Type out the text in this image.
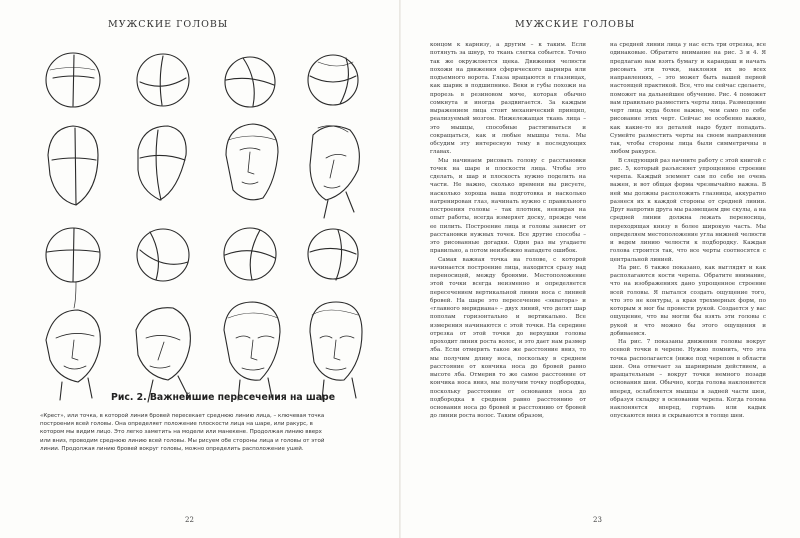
МУЖСКИЕ ГОЛОВЫ
Рис. 2. Важнейшие пересечения на шаре
«Крест», или точка, в которой линия бровей пересекает среднюю линию лица, – ключевая точка построения всей головы. Она определяет положение плоскости лица на шаре, или ракурс, в котором мы видим лицо. Это легко заметить на модели или манекене. Продолжая линию вверх или вниз, проводим среднюю линию всей головы. Мы рисуем обе стороны лица и головы от этой линии. Продолжая линию бровей вокруг головы, можно определить расположение ушей.
22
МУЖСКИЕ ГОЛОВЫ

концом к карнизу, а другим – к таким. Если потянуть за шнур, то ткань слегка собьется. Точно так же окружляется щека. Движения челюсти похожи на движения сферического шарнира или подъемного ворота. Глаза вращаются в глазницах, как шарик в подшипнике. Веки и губы похожи на прорезь в резиновом мяче, которая обычно сомкнута и иногда раздвигается. За каждым выражением лица стоит механический принцип, реализуемый мозгом. Нижележащая ткань лица – это мышцы, способные растягиваться и сокращаться, как и любые мышцы тела. Мы обсудим эту интересную тему в последующих главах.

Мы начинаем рисовать голову с расстановки точек на шаре и плоскости лица. Чтобы это сделать, и шар и плоскость нужно поделить на части. Не важно, сколько времени вы рисуете, насколько хороша ваша подготовка и насколько натренирован глаз, начинать нужно с правильного построения головы – так плотник, невзирая на опыт работы, всегда измеряет доску, прежде чем ее пилить. Построение лица и головы зависит от расстановки нужных точек. Все другие способы – это рисованные догадки. Один раз вы угадаете правильно, а потом неизбежно нападете ошибок.

Самая важная точка на голове, с которой начинается построение лица, находится сразу над переносицей, между бровями. Местоположение этой точки всегда неизменно и определяется пересечением вертикальной линии носа с линией бровей. На шаре это пересечение «экватора» и «главного меридиана» – двух линий, что делят шар пополам горизонтально и вертикально. Все измерения начинаются с этой точки. На середине отрезка от этой точки до верхушки головы проходит линия роста волос, и это дает нам размер лба. Если отмерить такое же расстояние вниз, то мы получим длину носа, поскольку в среднем расстояние от кончика носа до бровей равно высоте лба. Отмерив то же самое расстояние от кончика носа вниз, мы получим точку подбородка, поскольку расстояние от основания носа до подбородка в среднем равно расстоянию от основания носа до бровей и расстоянию от бровей до линии роста волос. Таким образом,

на средней линии лица у нас есть три отрезка, все одинаковые. Обратите внимание на рис. 3 и 4. Я предлагаю вам взять бумагу и карандаш и начать рисовать эти точки, наклоняя их во всех направлениях, – это может быть вашей первой настоящей практикой. Все, что вы сейчас сделаете, поможет на дальнейшее обучение. Рис. 4 поможет вам правильно разместить черты лица. Размещение черт лица куда более важно, чем само по себе рисование этих черт. Сейчас не особенно важно, как какие-то из деталей надо будет попадать. Сумейте разместить черты на своем направлении так, чтобы стороны лица были симметричны в любом ракурсе.

В следующий раз начните работу с этой книгой с рис. 5, который разъясняет упрощенное строение черепа. Каждый элемент сам по себе не очень важен, и вот общая форма чрезвычайно важна. В ней мы должны расположить глазницы, аккуратно разнеся их к каждой стороны от средней линии. Друг напротив друга мы размещаем две скулы, а на средней линии должна лежать переносица, переходящая книзу в более широкую часть. Мы определяем местоположение угла нижней челюсти и ведем линию челюсти к подбородку. Каждая голова строится так, что все черты соотносятся с центральной линией.

На рис. 6 также показано, как выглядят и как располагаются кости черепа. Обратите внимание, что на изображениях дано упрощенное строение всей головы. Я пытался создать ощущение того, что это не контуры, а края трехмерных форм, по которым я мог бы провести рукой. Создается у вас ощущение, что вы могли бы взять эти головы с рукой и что можно бы этого ощущения и добиваемся.

На рис. 7 показаны движения головы вокруг осевой точки в черепе. Нужно помнить, что эта точка располагается (ниже под черепом в области шеи. Она отвечает за шарнирным действием, а вращательным – вокруг точки немного позади основания шеи. Обычно, когда голова наклоняется вперед, ослабляется мышцы в задней части шеи, образуя складку в основании черепа. Когда голова наклоняется вперед, гортань или кадык опускаются вниз и скрываются в толще шеи.

23
